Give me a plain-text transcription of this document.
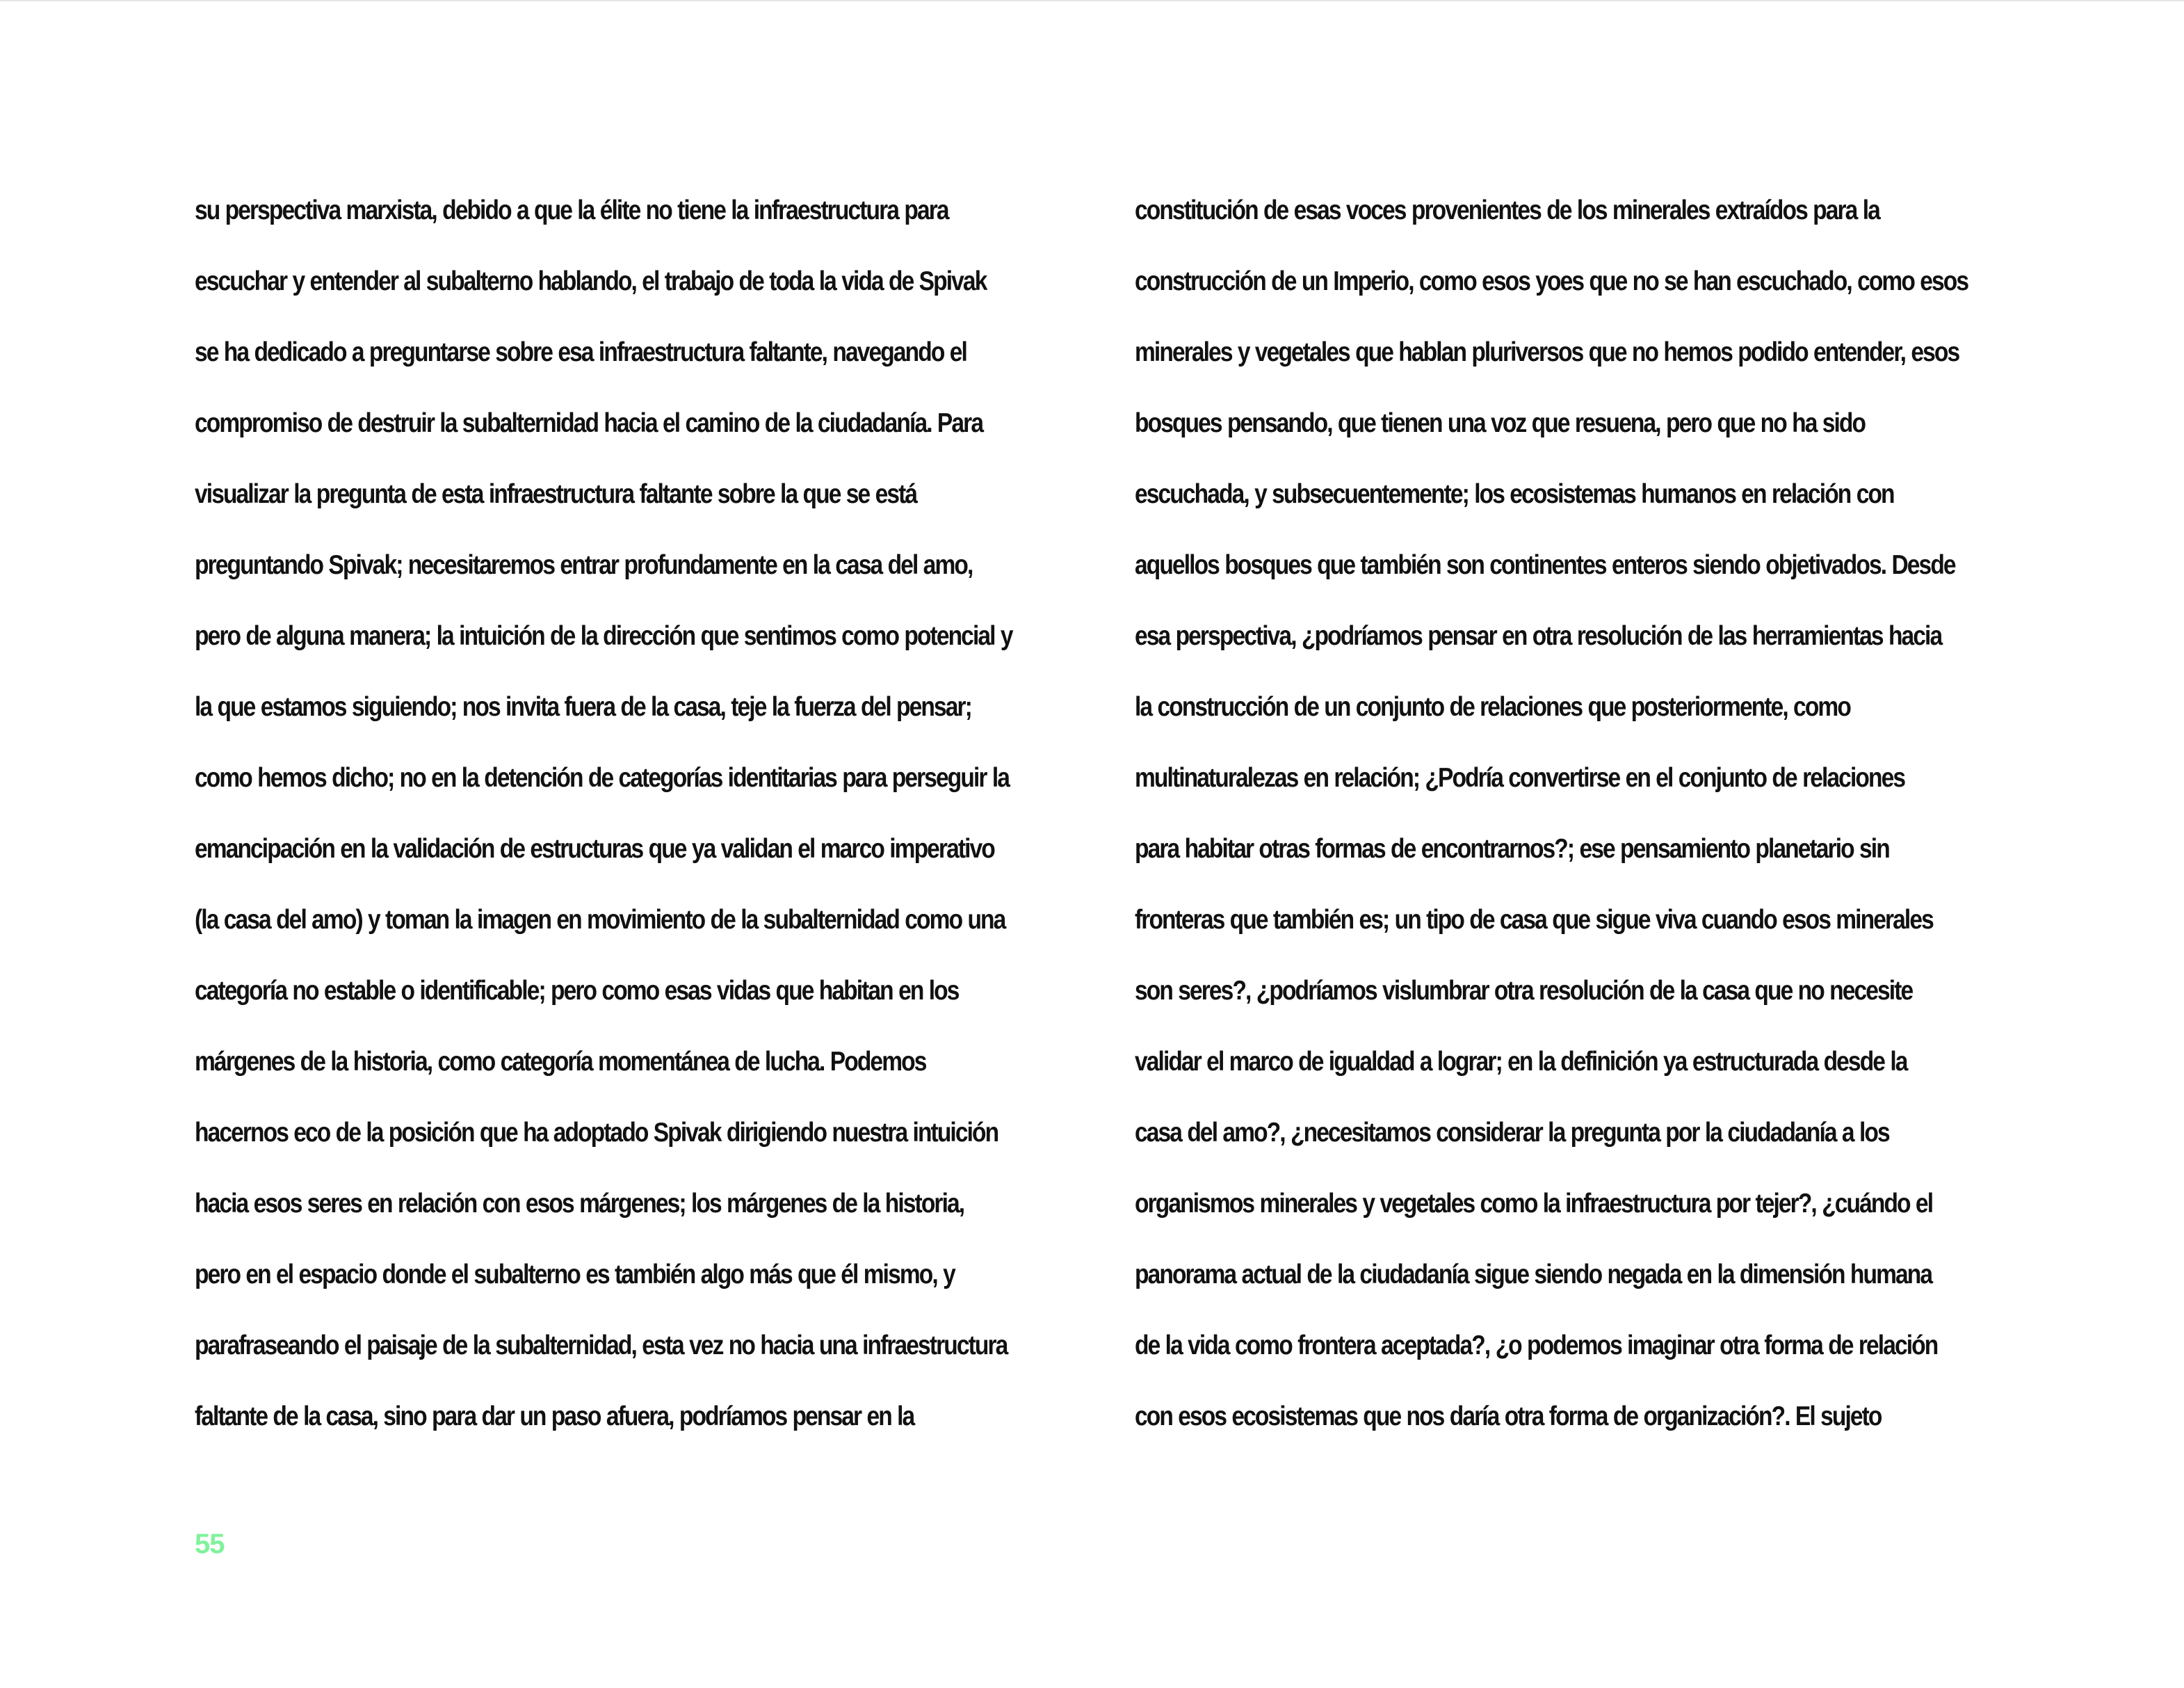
su perspectiva marxista, debido a que la élite no tiene la infraestructura para
escuchar y entender al subalterno hablando, el trabajo de toda la vida de Spivak
se ha dedicado a preguntarse sobre esa infraestructura faltante, navegando el
compromiso de destruir la subalternidad hacia el camino de la ciudadanía. Para
visualizar la pregunta de esta infraestructura faltante sobre la que se está
preguntando Spivak; necesitaremos entrar profundamente en la casa del amo,
pero de alguna manera; la intuición de la dirección que sentimos como potencial y
la que estamos siguiendo; nos invita fuera de la casa, teje la fuerza del pensar;
como hemos dicho; no en la detención de categorías identitarias para perseguir la
emancipación en la validación de estructuras que ya validan el marco imperativo
(la casa del amo) y toman la imagen en movimiento de la subalternidad como una
categoría no estable o identificable; pero como esas vidas que habitan en los
márgenes de la historia, como categoría momentánea de lucha. Podemos
hacernos eco de la posición que ha adoptado Spivak dirigiendo nuestra intuición
hacia esos seres en relación con esos márgenes; los márgenes de la historia,
pero en el espacio donde el subalterno es también algo más que él mismo, y
parafraseando el paisaje de la subalternidad, esta vez no hacia una infraestructura
faltante de la casa, sino para dar un paso afuera, podríamos pensar en la
constitución de esas voces provenientes de los minerales extraídos para la
construcción de un Imperio, como esos yoes que no se han escuchado, como esos
minerales y vegetales que hablan pluriversos que no hemos podido entender, esos
bosques pensando, que tienen una voz que resuena, pero que no ha sido
escuchada, y subsecuentemente; los ecosistemas humanos en relación con
aquellos bosques que también son continentes enteros siendo objetivados. Desde
esa perspectiva, ¿podríamos pensar en otra resolución de las herramientas hacia
la construcción de un conjunto de relaciones que posteriormente, como
multinaturalezas en relación; ¿Podría convertirse en el conjunto de relaciones
para habitar otras formas de encontrarnos?; ese pensamiento planetario sin
fronteras que también es; un tipo de casa que sigue viva cuando esos minerales
son seres?, ¿podríamos vislumbrar otra resolución de la casa que no necesite
validar el marco de igualdad a lograr; en la definición ya estructurada desde la
casa del amo?, ¿necesitamos considerar la pregunta por la ciudadanía a los
organismos minerales y vegetales como la infraestructura por tejer?, ¿cuándo el
panorama actual de la ciudadanía sigue siendo negada en la dimensión humana
de la vida como frontera aceptada?, ¿o podemos imaginar otra forma de relación
con esos ecosistemas que nos daría otra forma de organización?. El sujeto
55
